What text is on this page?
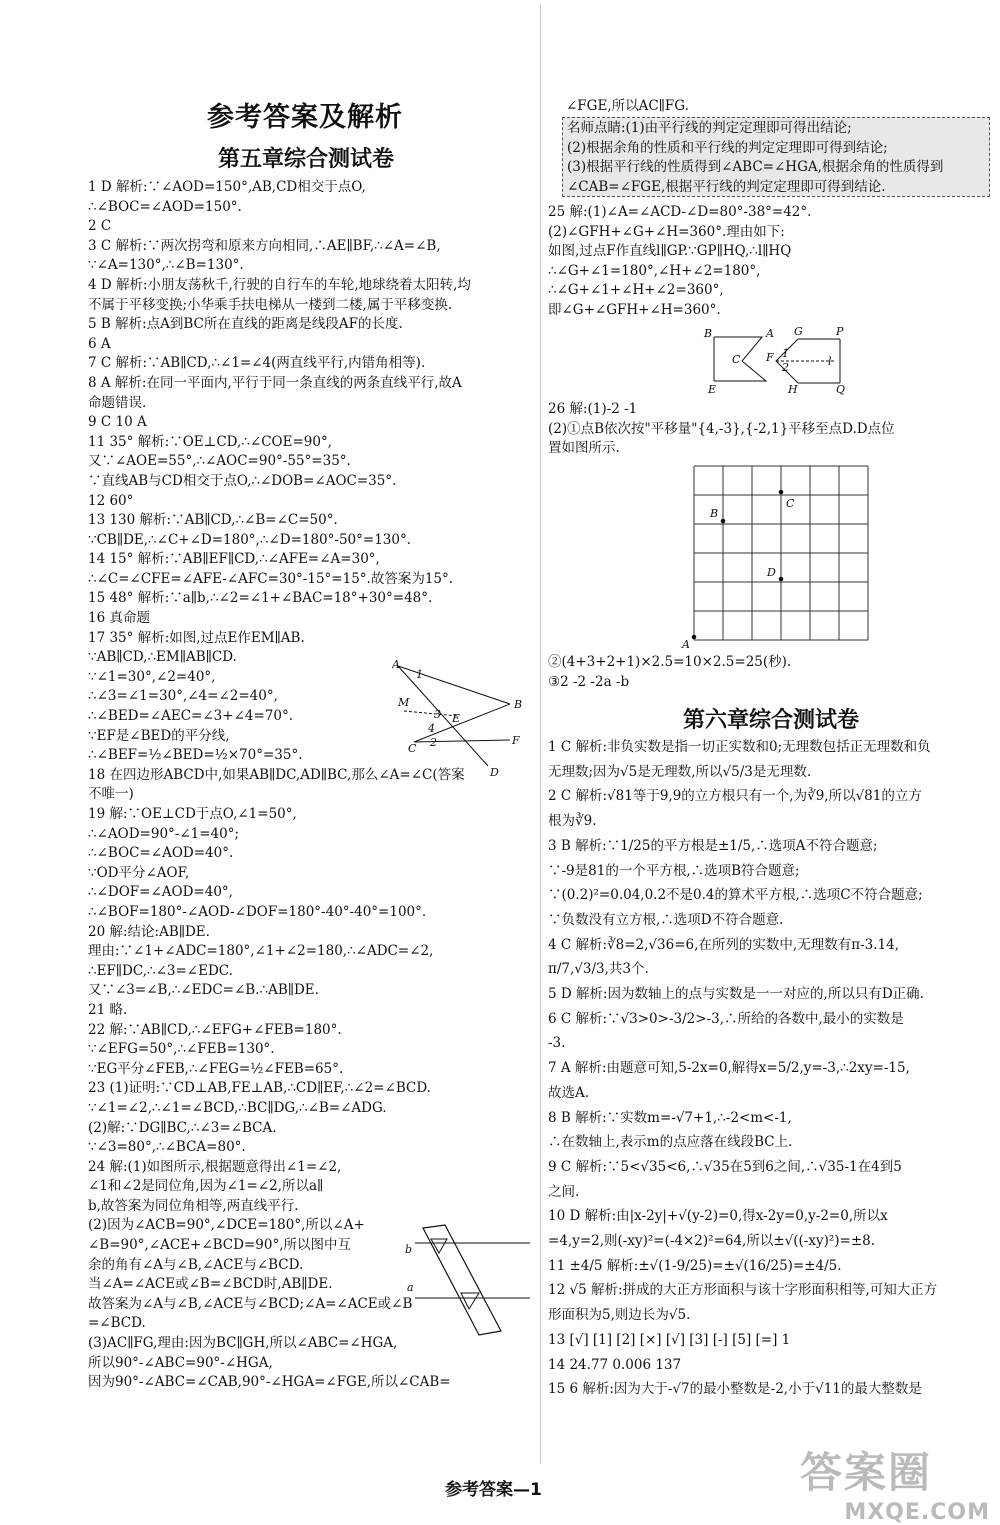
参考答案及解析
第五章综合测试卷

1 D 解析:∵∠AOD=150°,AB,CD相交于点O,

∴∠BOC=∠AOD=150°.

2 C

3 C 解析:∵两次拐弯和原来方向相同,∴AE∥BF,∴∠A=∠B,

∵∠A=130°,∴∠B=130°.

4 D 解析:小朋友荡秋千,行驶的自行车的车轮,地球绕着太阳转,均

不属于平移变换;小华乘手扶电梯从一楼到二楼,属于平移变换.

5 B 解析:点A到BC所在直线的距离是线段AF的长度.

6 A

7 C 解析:∵AB∥CD,∴∠1=∠4(两直线平行,内错角相等).

8 A 解析:在同一平面内,平行于同一条直线的两条直线平行,故A

命题错误.

9 C 10 A

11 35° 解析:∵OE⊥CD,∴∠COE=90°,

又∵∠AOE=55°,∴∠AOC=90°-55°=35°.

∵直线AB与CD相交于点O,∴∠DOB=∠AOC=35°.

12 60°

13 130 解析:∵AB∥CD,∴∠B=∠C=50°.

∵CB∥DE,∴∠C+∠D=180°,∴∠D=180°-50°=130°.

14 15° 解析:∵AB∥EF∥CD,∴∠AFE=∠A=30°,

∴∠C=∠CFE=∠AFE-∠AFC=30°-15°=15°.故答案为15°.

15 48° 解析:∵a∥b,∴∠2=∠1+∠BAC=18°+30°=48°.

16 真命题

17 35° 解析:如图,过点E作EM∥AB.

∵AB∥CD,∴EM∥AB∥CD.

∵∠1=30°,∠2=40°,

∴∠3=∠1=30°,∠4=∠2=40°,

∴∠BED=∠AEC=∠3+∠4=70°.

∵EF是∠BED的平分线,

∴∠BEF=½∠BED=½×70°=35°.

18 在四边形ABCD中,如果AB∥DC,AD∥BC,那么∠A=∠C(答案

不唯一)

19 解:∵OE⊥CD于点O,∠1=50°,

∴∠AOD=90°-∠1=40°;

∴∠BOC=∠AOD=40°.

∵OD平分∠AOF,

∴∠DOF=∠AOD=40°,

∴∠BOF=180°-∠AOD-∠DOF=180°-40°-40°=100°.

20 解:结论:AB∥DE.

理由:∵∠1+∠ADC=180°,∠1+∠2=180,∴∠ADC=∠2,

∴EF∥DC,∴∠3=∠EDC.

又∵∠3=∠B,∴∠EDC=∠B.∴AB∥DE.

21 略.

22 解:∵AB∥CD,∴∠EFG+∠FEB=180°.

∵∠EFG=50°,∴∠FEB=130°.

∵EG平分∠FEB,∴∠FEG=½∠FEB=65°.

23 (1)证明:∵CD⊥AB,FE⊥AB,∴CD∥EF,∴∠2=∠BCD.

∵∠1=∠2,∴∠1=∠BCD,∴BC∥DG,∴∠B=∠ADG.

(2)解:∵DG∥BC,∴∠3=∠BCA.

∵∠3=80°,∴∠BCA=80°.

24 解:(1)如图所示,根据题意得出∠1=∠2,

∠1和∠2是同位角,因为∠1=∠2,所以a∥

b,故答案为同位角相等,两直线平行.

(2)因为∠ACB=90°,∠DCE=180°,所以∠A+

∠B=90°,∠ACE+∠BCD=90°,所以图中互

余的角有∠A与∠B,∠ACE与∠BCD.

当∠A=∠ACE或∠B=∠BCD时,AB∥DE.

故答案为∠A与∠B,∠ACE与∠BCD;∠A=∠ACE或∠B

=∠BCD.

(3)AC∥FG,理由:因为BC∥GH,所以∠ABC=∠HGA,

所以90°-∠ABC=90°-∠HGA,

因为90°-∠ABC=∠CAB,90°-∠HGA=∠FGE,所以∠CAB=

∠FGE,所以AC∥FG.

名师点睛:(1)由平行线的判定定理即可得出结论;

(2)根据余角的性质和平行线的判定定理即可得到结论;

(3)根据平行线的性质得到∠ABC=∠HGA,根据余角的性质得到

∠CAB=∠FGE,根据平行线的判定定理即可得到结论.

25 解:(1)∠A=∠ACD-∠D=80°-38°=42°.

(2)∠GFH+∠G+∠H=360°.理由如下:

如图,过点F作直线l∥GP.∵GP∥HQ,∴l∥HQ

∴∠G+∠1=180°,∠H+∠2=180°,

∴∠G+∠1+∠H+∠2=360°,

即∠G+∠GFH+∠H=360°.

26 解:(1)-2 -1

(2)①点B依次按"平移量"{4,-3},{-2,1}平移至点D.D点位

置如图所示.

②(4+3+2+1)×2.5=10×2.5=25(秒).

③2 -2 -2a -b

第六章综合测试卷

1 C 解析:非负实数是指一切正实数和0;无理数包括正无理数和负

无理数;因为√5是无理数,所以√5/3是无理数.

2 C 解析:√81等于9,9的立方根只有一个,为∛9,所以√81的立方

根为∛9.

3 B 解析:∵1/25的平方根是±1/5,∴选项A不符合题意;

∵-9是81的一个平方根,∴选项B符合题意;

∵(0.2)²=0.04,0.2不是0.4的算术平方根,∴选项C不符合题意;

∵负数没有立方根,∴选项D不符合题意.

4 C 解析:∛8=2,√36=6,在所列的实数中,无理数有π-3.14,

π/7,√3/3,共3个.

5 D 解析:因为数轴上的点与实数是一一对应的,所以只有D正确.

6 C 解析:∵√3>0>-3/2>-3,∴所给的各数中,最小的实数是

-3.

7 A 解析:由题意可知,5-2x=0,解得x=5/2,y=-3,∴2xy=-15,

故选A.

8 B 解析:∵实数m=-√7+1,∴-2<m<-1,

∴在数轴上,表示m的点应落在线段BC上.

9 C 解析:∵5<√35<6,∴√35在5到6之间,∴√35-1在4到5

之间.

10 D 解析:由|x-2y|+√(y-2)=0,得x-2y=0,y-2=0,所以x

=4,y=2,则(-xy)²=(-4×2)²=64,所以±√((-xy)²)=±8.

11 ±4/5 解析:±√(1-9/25)=±√(16/25)=±4/5.

12 √5 解析:拼成的大正方形面积与该十字形面积相等,可知大正方

形面积为5,则边长为√5.

13 [√] [1] [2] [×] [√] [3] [-] [5] [=] 1

14 24.77 0.006 137

15 6 解析:因为大于-√7的最小整数是-2,小于√11的最大整数是

A
B
M
E
F
C
D
1
2
3
4
b
a
B	A G	P
C F 1
2	l
E	H	Q
B
C
D
A
参考答案—1	答案圈
MXQE.COM
